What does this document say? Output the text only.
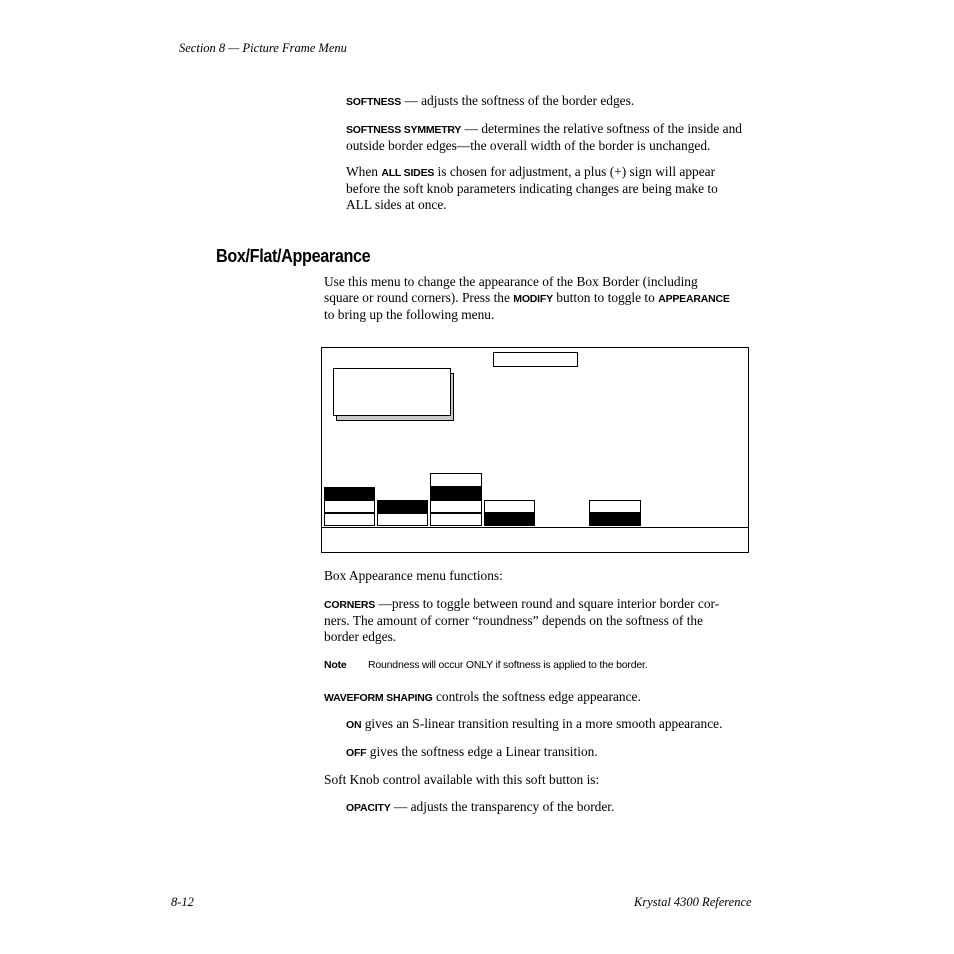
Section 8 — Picture Frame Menu
SOFTNESS — adjusts the softness of the border edges.
SOFTNESS SYMMETRY — determines the relative softness of the inside and
outside border edges—the overall width of the border is unchanged.
When ALL SIDES is chosen for adjustment, a plus (+) sign will appear
before the soft knob parameters indicating changes are being make to
ALL sides at once.
Box/Flat/Appearance
Use this menu to change the appearance of the Box Border (including
square or round corners). Press the MODIFY button to toggle to APPEARANCE
to bring up the following menu.
Box Appearance menu functions:
CORNERS —press to toggle between round and square interior border cor-
ners. The amount of corner “roundness” depends on the softness of the
border edges.
Note Roundness will occur ONLY if softness is applied to the border.
WAVEFORM SHAPING controls the softness edge appearance.
ON gives an S-linear transition resulting in a more smooth appearance.
OFF gives the softness edge a Linear transition.
Soft Knob control available with this soft button is:
OPACITY — adjusts the transparency of the border.
8-12	Krystal 4300 Reference
